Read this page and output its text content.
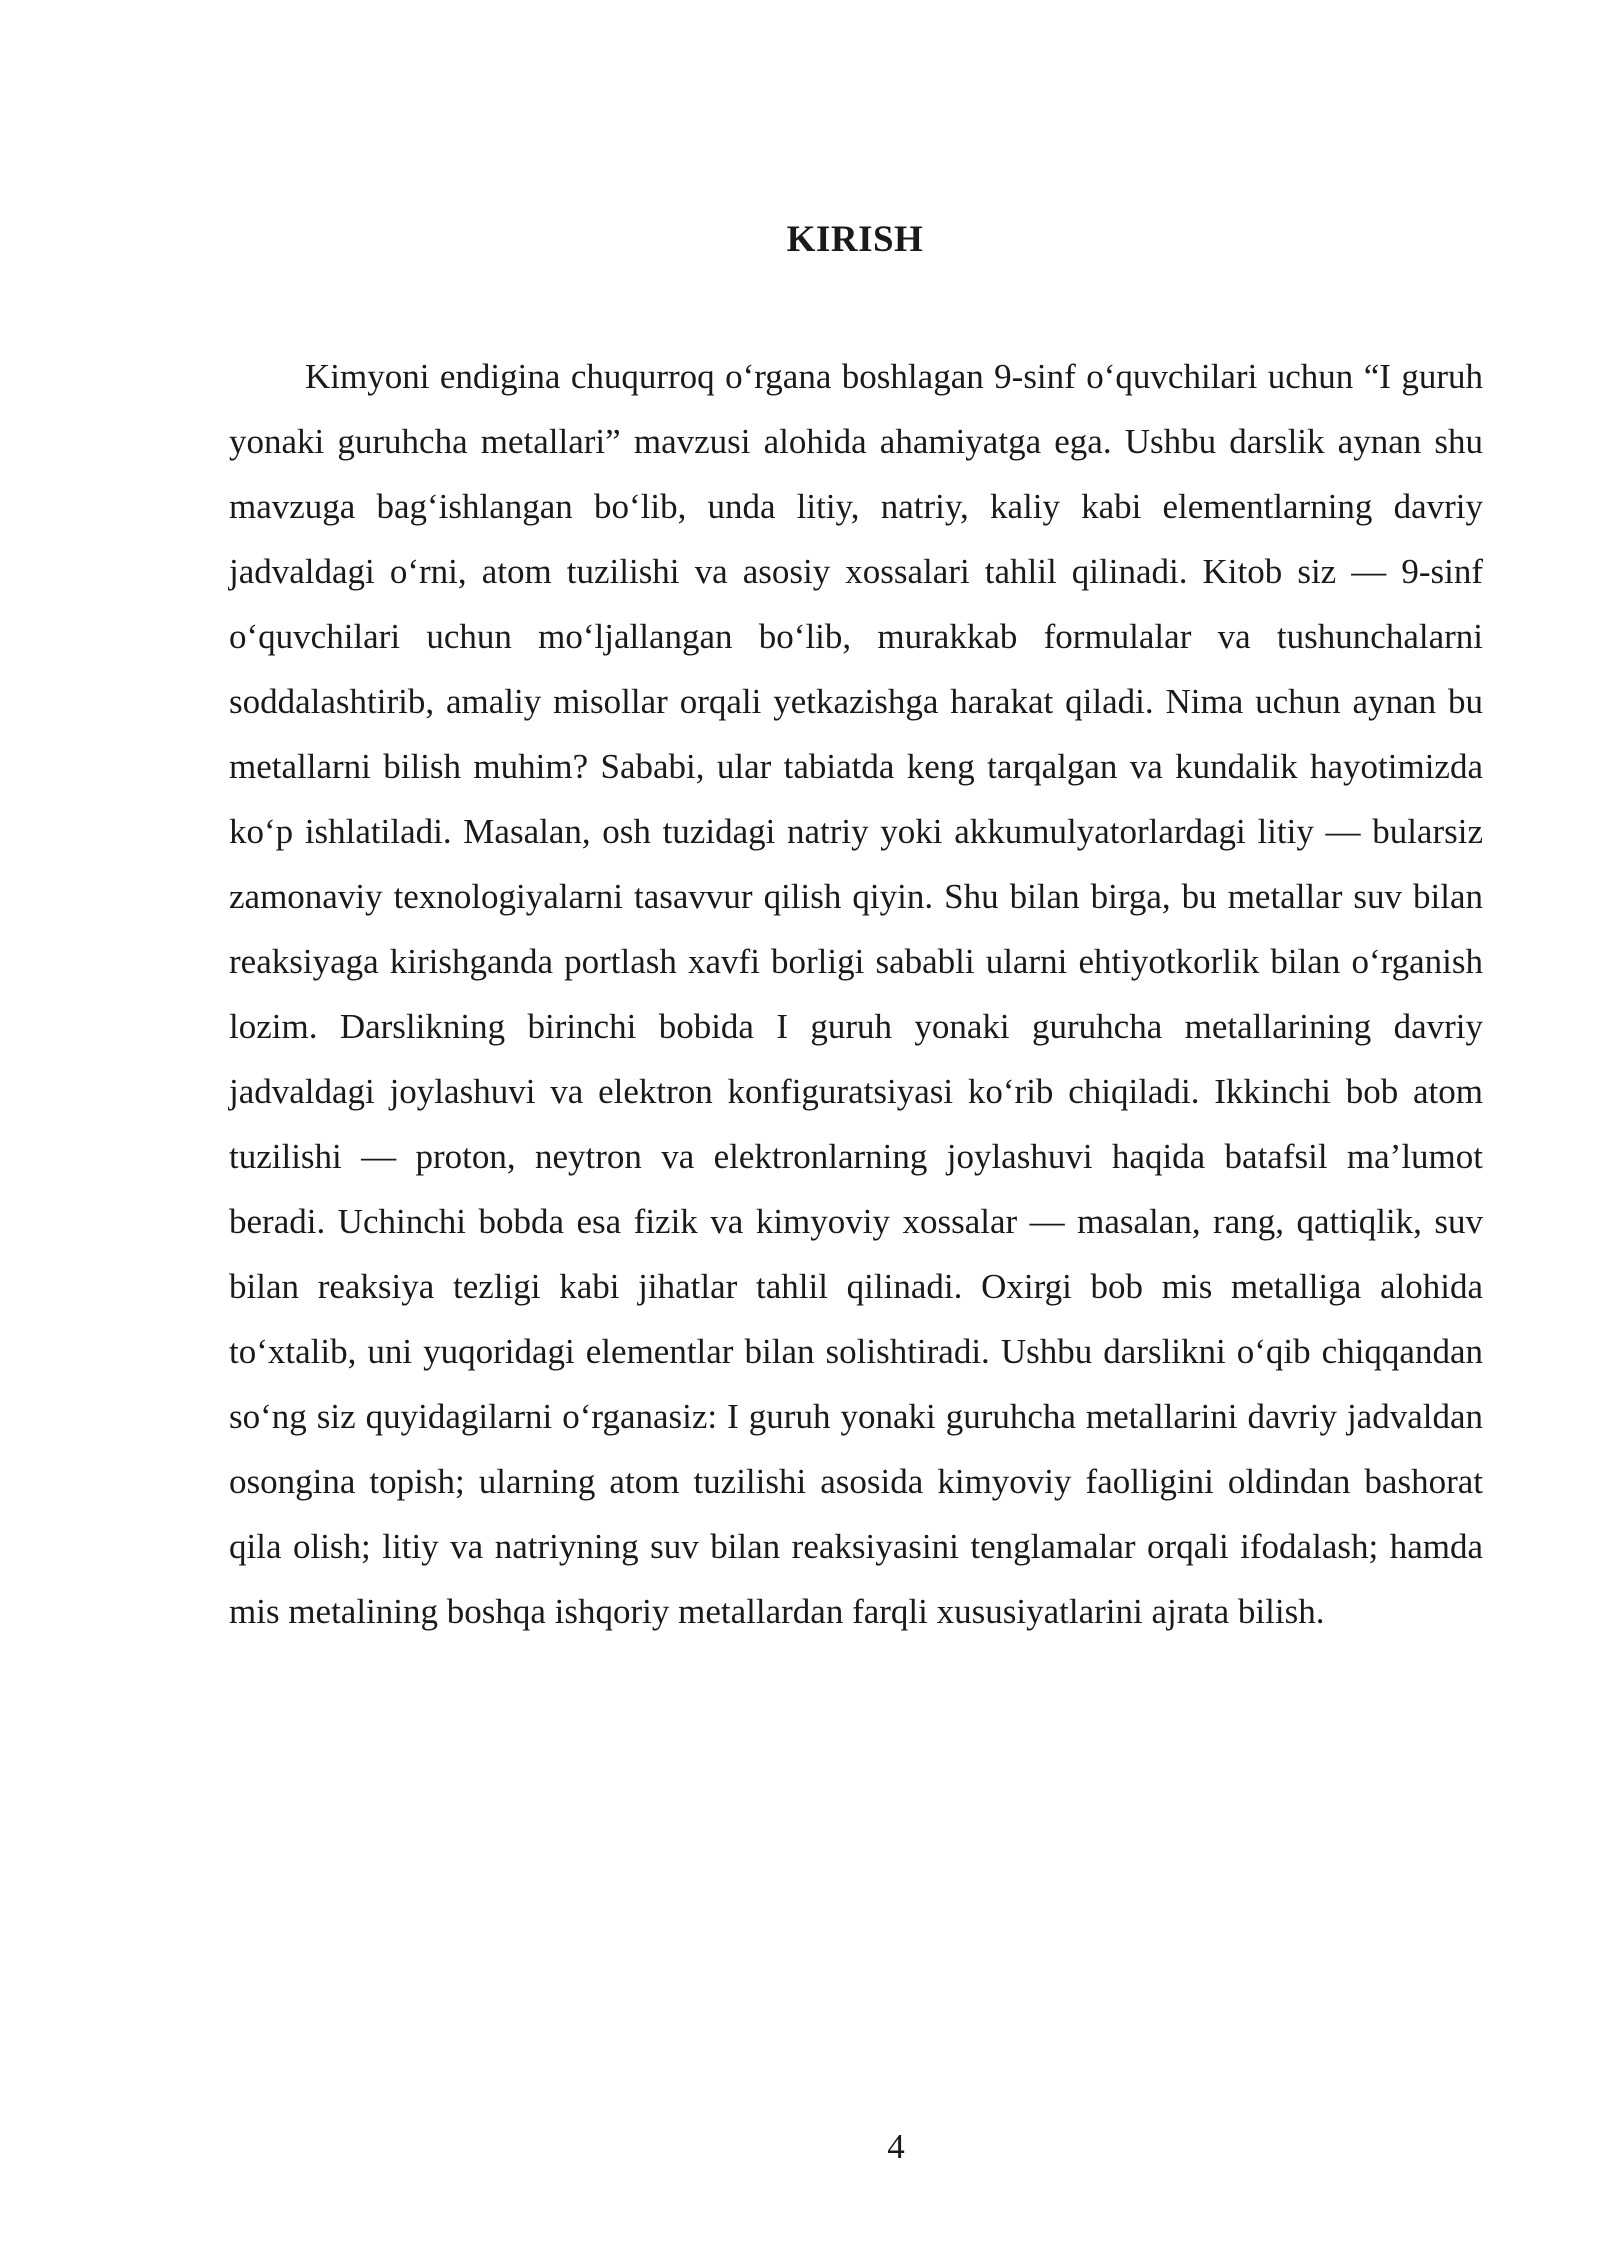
KIRISH

Kimyoni endigina chuqurroq o‘rgana boshlagan 9-sinf o‘quvchilari uchun “I guruh yonaki guruhcha metallari” mavzusi alohida ahamiyatga ega. Ushbu darslik aynan shu mavzuga bag‘ishlangan bo‘lib, unda litiy, natriy, kaliy kabi elementlarning davriy jadvaldagi o‘rni, atom tuzilishi va asosiy xossalari tahlil qilinadi. Kitob siz — 9-sinf o‘quvchilari uchun mo‘ljallangan bo‘lib, murakkab formulalar va tushunchalarni soddalashtirib, amaliy misollar orqali yetkazishga harakat qiladi. Nima uchun aynan bu metallarni bilish muhim? Sababi, ular tabiatda keng tarqalgan va kundalik hayotimizda ko‘p ishlatiladi. Masalan, osh tuzidagi natriy yoki akkumulyatorlardagi litiy — bularsiz zamonaviy texnologiyalarni tasavvur qilish qiyin. Shu bilan birga, bu metallar suv bilan reaksiyaga kirishganda portlash xavfi borligi sababli ularni ehtiyotkorlik bilan o‘rganish lozim. Darslikning birinchi bobida I guruh yonaki guruhcha metallarining davriy jadvaldagi joylashuvi va elektron konfiguratsiyasi ko‘rib chiqiladi. Ikkinchi bob atom tuzilishi — proton, neytron va elektronlarning joylashuvi haqida batafsil ma’lumot beradi. Uchinchi bobda esa fizik va kimyoviy xossalar — masalan, rang, qattiqlik, suv bilan reaksiya tezligi kabi jihatlar tahlil qilinadi. Oxirgi bob mis metalliga alohida to‘xtalib, uni yuqoridagi elementlar bilan solishtiradi. Ushbu darslikni o‘qib chiqqandan so‘ng siz quyidagilarni o‘rganasiz: I guruh yonaki guruhcha metallarini davriy jadvaldan osongina topish; ularning atom tuzilishi asosida kimyoviy faolligini oldindan bashorat qila olish; litiy va natriyning suv bilan reaksiyasini tenglamalar orqali ifodalash; hamda mis metalining boshqa ishqoriy metallardan farqli xususiyatlarini ajrata bilish.

4
